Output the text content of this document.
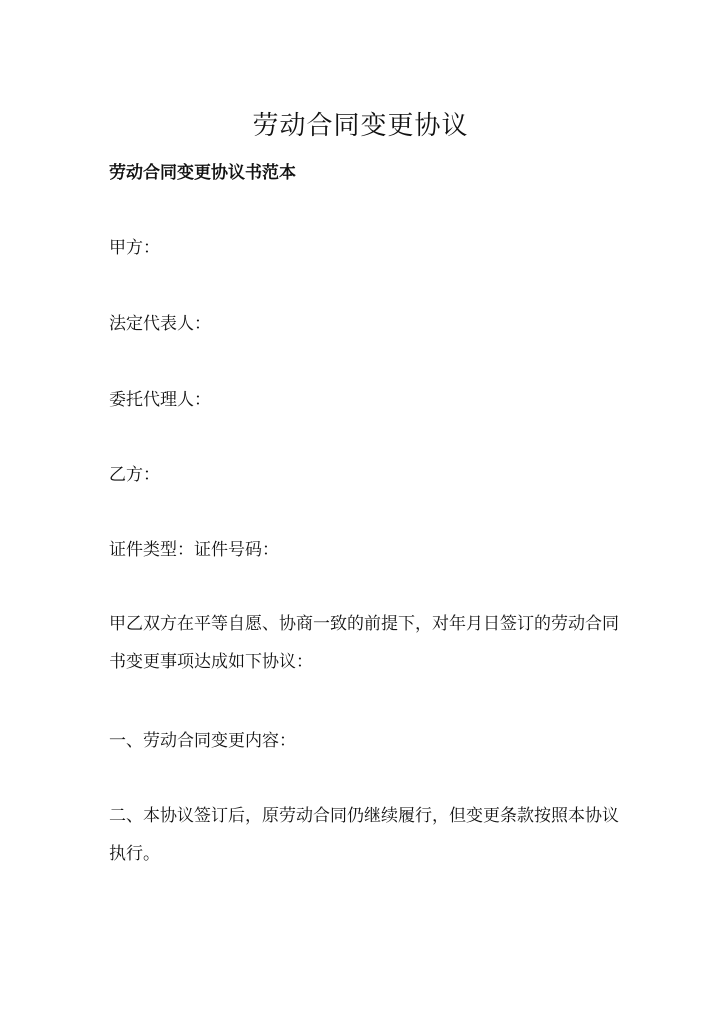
劳动合同变更协议
劳动合同变更协议书范本
甲方：
法定代表人：
委托代理人：
乙方：
证件类型：证件号码：
甲乙双方在平等自愿、协商一致的前提下，对年月日签订的劳动合同书变更事项达成如下协议：
一、劳动合同变更内容：
二、本协议签订后，原劳动合同仍继续履行，但变更条款按照本协议执行。
